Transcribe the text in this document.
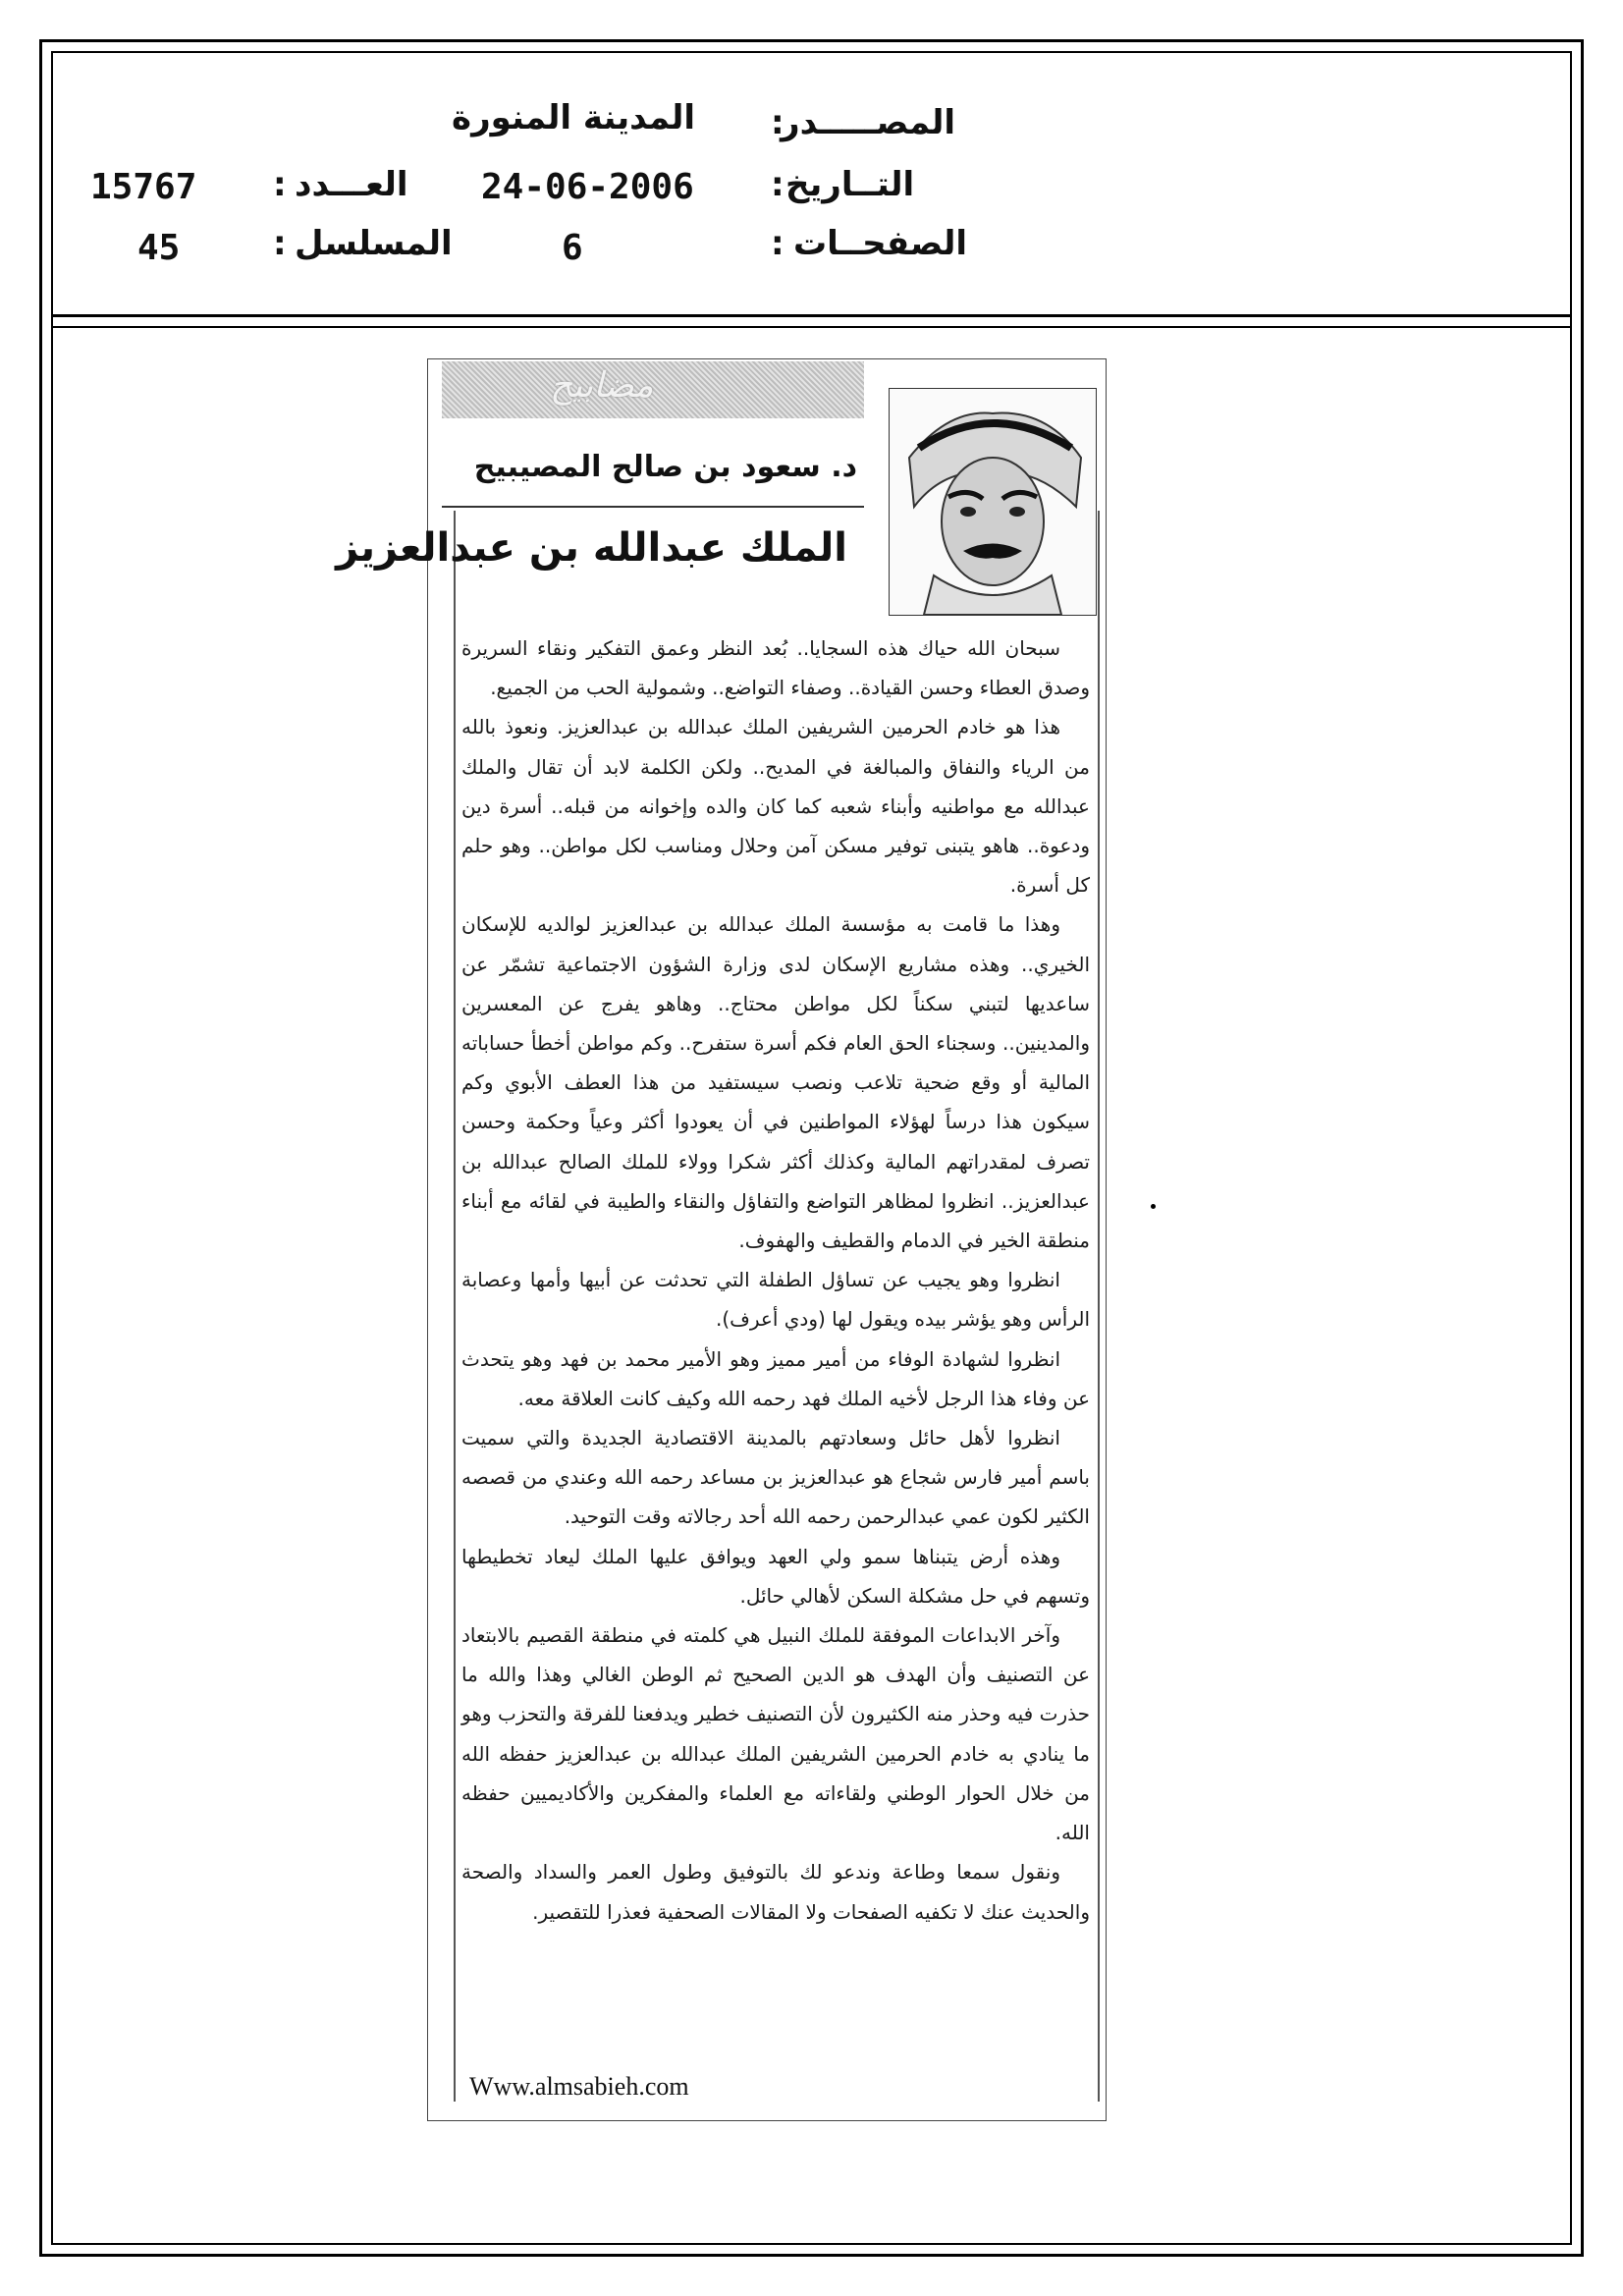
المصـــــدر
:
المدينة المنورة
التــاريخ
:
24-06-2006
العـــدد
:
15767
الصفحــات
:
6
المسلسل
:
45
مضابيح
د. سعود بن صالح المصيبيح
الملك عبدالله بن عبدالعزيز

سبحان الله حياك هذه السجايا.. بُعد النظر وعمق التفكير ونقاء السريرة وصدق العطاء وحسن القيادة.. وصفاء التواضع.. وشمولية الحب من الجميع.

هذا هو خادم الحرمين الشريفين الملك عبدالله بن عبدالعزيز. ونعوذ بالله من الرياء والنفاق والمبالغة في المديح.. ولكن الكلمة لابد أن تقال والملك عبدالله مع مواطنيه وأبناء شعبه كما كان والده وإخوانه من قبله.. أسرة دين ودعوة.. هاهو يتبنى توفير مسكن آمن وحلال ومناسب لكل مواطن.. وهو حلم كل أسرة.

وهذا ما قامت به مؤسسة الملك عبدالله بن عبدالعزيز لوالديه للإسكان الخيري.. وهذه مشاريع الإسكان لدى وزارة الشؤون الاجتماعية تشمّر عن ساعديها لتبني سكناً لكل مواطن محتاج.. وهاهو يفرج عن المعسرين والمدينين.. وسجناء الحق العام فكم أسرة ستفرح.. وكم مواطن أخطأ حساباته المالية أو وقع ضحية تلاعب ونصب سيستفيد من هذا العطف الأبوي وكم سيكون هذا درساً لهؤلاء المواطنين في أن يعودوا أكثر وعياً وحكمة وحسن تصرف لمقدراتهم المالية وكذلك أكثر شكرا وولاء للملك الصالح عبدالله بن عبدالعزيز.. انظروا لمظاهر التواضع والتفاؤل والنقاء والطيبة في لقائه مع أبناء منطقة الخير في الدمام والقطيف والهفوف.

انظروا وهو يجيب عن تساؤل الطفلة التي تحدثت عن أبيها وأمها وعصابة الرأس وهو يؤشر بيده ويقول لها (ودي أعرف).

انظروا لشهادة الوفاء من أمير مميز وهو الأمير محمد بن فهد وهو يتحدث عن وفاء هذا الرجل لأخيه الملك فهد رحمه الله وكيف كانت العلاقة معه.

انظروا لأهل حائل وسعادتهم بالمدينة الاقتصادية الجديدة والتي سميت باسم أمير فارس شجاع هو عبدالعزيز بن مساعد رحمه الله وعندي من قصصه الكثير لكون عمي عبدالرحمن رحمه الله أحد رجالاته وقت التوحيد.

وهذه أرض يتبناها سمو ولي العهد ويوافق عليها الملك ليعاد تخطيطها وتسهم في حل مشكلة السكن لأهالي حائل.

وآخر الابداعات الموفقة للملك النبيل هي كلمته في منطقة القصيم بالابتعاد عن التصنيف وأن الهدف هو الدين الصحيح ثم الوطن الغالي وهذا والله ما حذرت فيه وحذر منه الكثيرون لأن التصنيف خطير ويدفعنا للفرقة والتحزب وهو ما ينادي به خادم الحرمين الشريفين الملك عبدالله بن عبدالعزيز حفظه الله من خلال الحوار الوطني ولقاءاته مع العلماء والمفكرين والأكاديميين حفظه الله.

ونقول سمعا وطاعة وندعو لك بالتوفيق وطول العمر والسداد والصحة والحديث عنك لا تكفيه الصفحات ولا المقالات الصحفية فعذرا للتقصير.

Www.almsabieh.com
